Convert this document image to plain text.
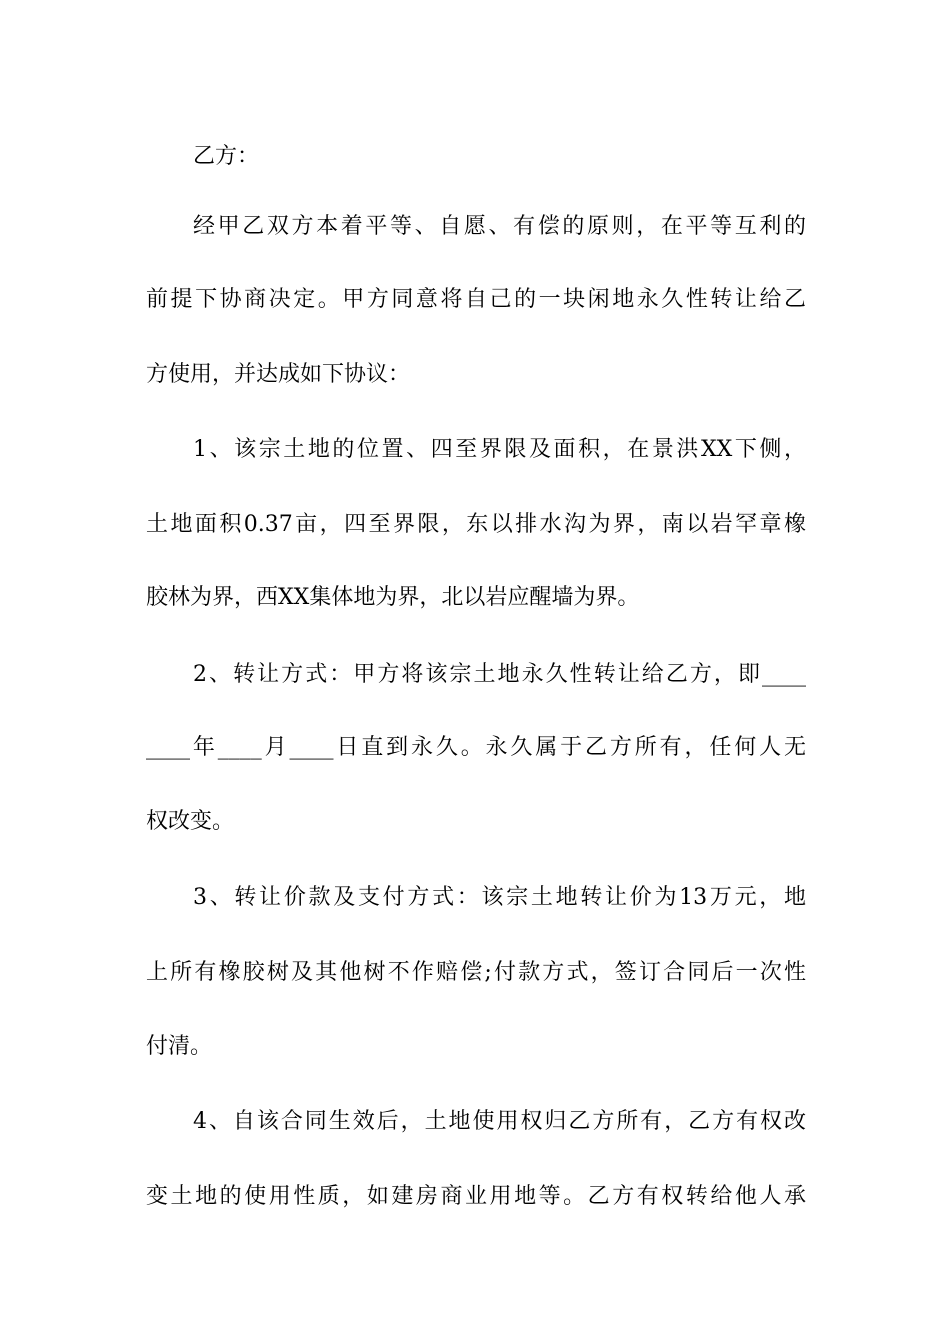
乙方：
经甲乙双方本着平等、自愿、有偿的原则，在平等互利的
前提下协商决定。甲方同意将自己的一块闲地永久性转让给乙
方使用，并达成如下协议：
1、该宗土地的位置、四至界限及面积，在景洪XX下侧，
土地面积0.37亩，四至界限，东以排水沟为界，南以岩罕章橡
胶林为界，西XX集体地为界，北以岩应醒墙为界。
2、转让方式：甲方将该宗土地永久性转让给乙方，即____
____年____月____日直到永久。永久属于乙方所有，任何人无
权改变。
3、转让价款及支付方式：该宗土地转让价为13万元，地
上所有橡胶树及其他树不作赔偿;付款方式，签订合同后一次性
付清。
4、自该合同生效后，土地使用权归乙方所有，乙方有权改
变土地的使用性质，如建房商业用地等。乙方有权转给他人承
